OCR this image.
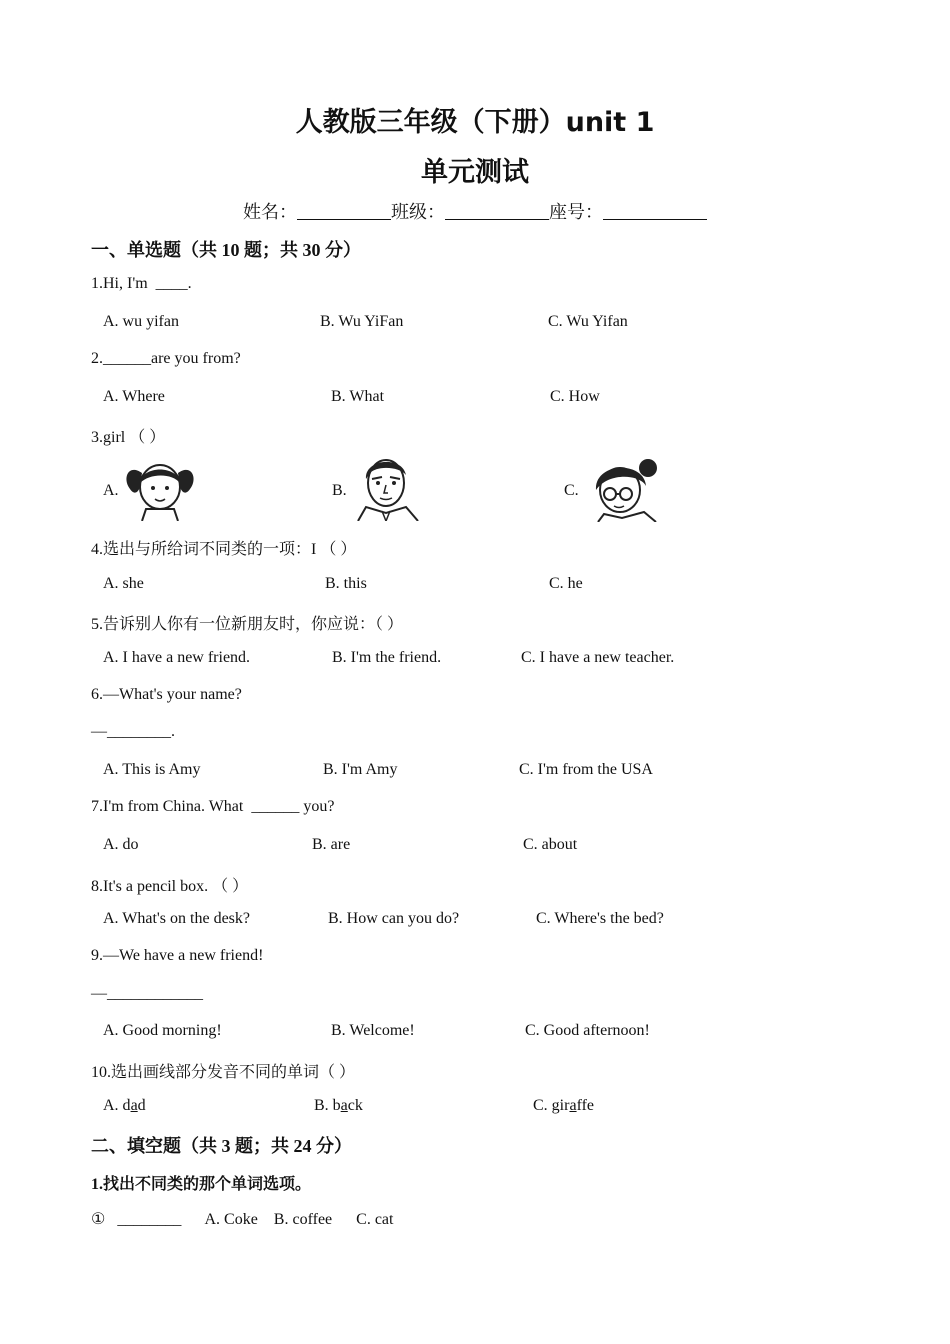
人教版三年级（下册）unit 1
单元测试
姓名：	班级：	座号：
一、单选题（共 10 题；共 30 分）
1.Hi, I'm ____.
A. wu yifan	B. Wu YiFan	C. Wu Yifan
2.______are you from?
A. Where	B. What	C. How
3.girl （ ）
A.	B.	C.
4.选出与所给词不同类的一项：I （ ）
A. she	B. this	C. he
5.告诉别人你有一位新朋友时，你应说：（ ）
A. I have a new friend.	B. I'm the friend.	C. I have a new teacher.
6.—What's your name?
—________.
A. This is Amy	B. I'm Amy	C. I'm from the USA
7.I'm from China. What ______ you?
A. do	B. are	C. about
8.It's a pencil box. （ ）
A. What's on the desk?	B. How can you do?	C. Where's the bed?
9.—We have a new friend!
—____________
A. Good morning!	B. Welcome!	C. Good afternoon!
10.选出画线部分发音不同的单词（ ）
A. dad	B. back	C. giraffe
二、填空题（共 3 题；共 24 分）
1.找出不同类的那个单词选项。
① ________ A. Coke B. coffee C. cat
